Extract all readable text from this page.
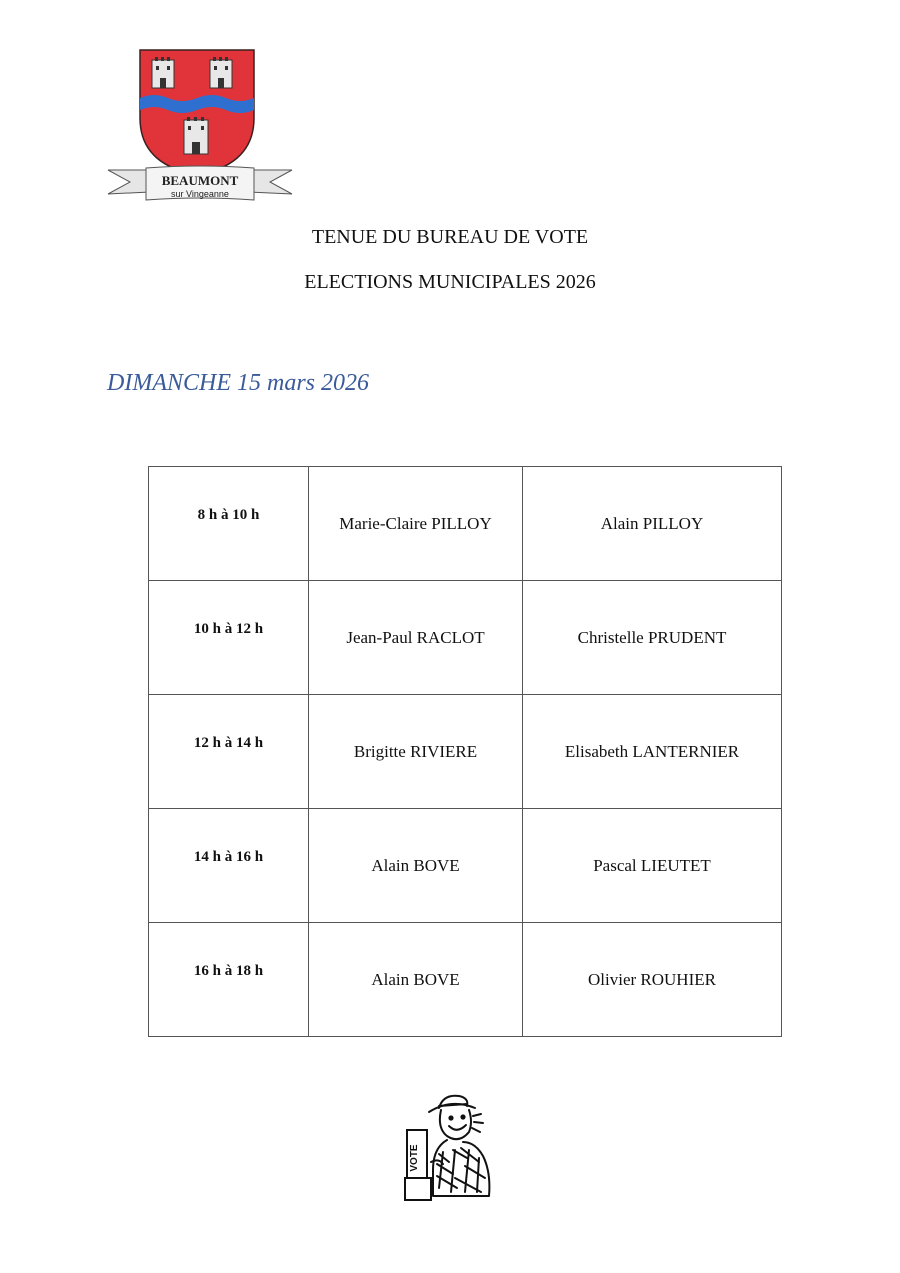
BEAUMONT
sur Vingeanne
TENUE DU BUREAU DE VOTE
ELECTIONS MUNICIPALES 2026
DIMANCHE 15 mars 2026
8 h à 10 h	Marie-Claire PILLOY	Alain PILLOY

10 h à 12 h	Jean-Paul RACLOT	Christelle PRUDENT

12 h à 14 h	Brigitte RIVIERE	Elisabeth LANTERNIER

14 h à 16 h	Alain BOVE	Pascal LIEUTET

16 h à 18 h	Alain BOVE	Olivier ROUHIER
VOTE
